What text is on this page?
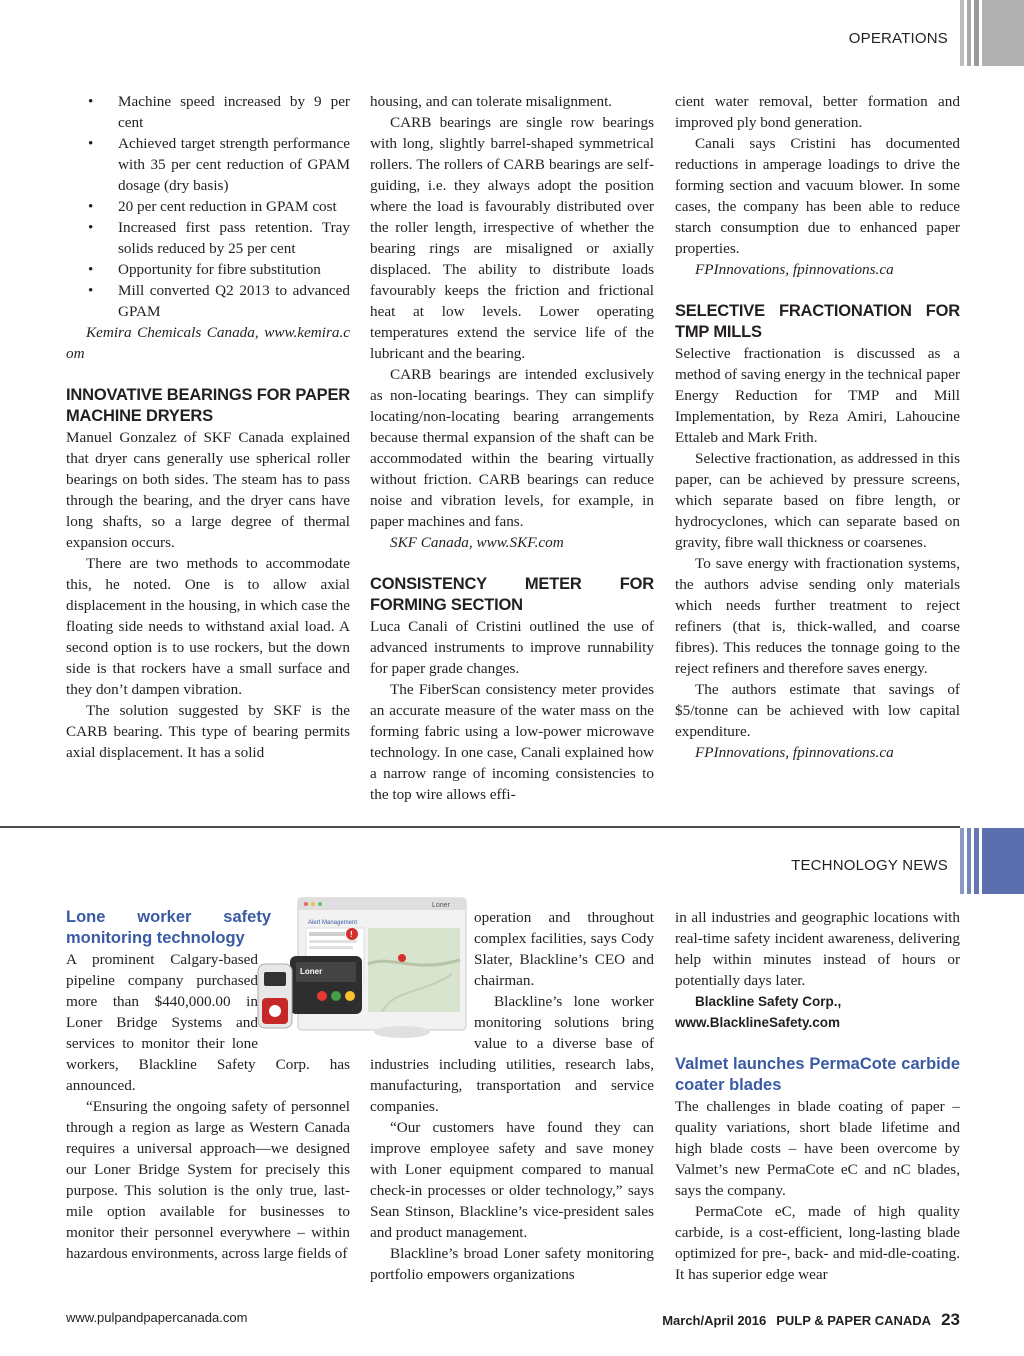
OPERATIONS
• Machine speed increased by 9 per cent
• Achieved target strength performance with 35 per cent reduction of GPAM dosage (dry basis)
• 20 per cent reduction in GPAM cost
• Increased first pass retention. Tray solids reduced by 25 per cent
• Opportunity for fibre substitution
• Mill converted Q2 2013 to advanced GPAM

Kemira Chemicals Canada, www.kemira.com

INNOVATIVE BEARINGS FOR PAPER MACHINE DRYERS

Manuel Gonzalez of SKF Canada explained that dryer cans generally use spherical roller bearings on both sides. The steam has to pass through the bearing, and the dryer cans have long shafts, so a large degree of thermal expansion occurs.

There are two methods to accommodate this, he noted. One is to allow axial displacement in the housing, in which case the floating side needs to withstand axial load. A second option is to use rockers, but the down side is that rockers have a small surface and they don’t dampen vibration.

The solution suggested by SKF is the CARB bearing. This type of bearing permits axial displacement. It has a solid

housing, and can tolerate misalignment.

CARB bearings are single row bearings with long, slightly barrel-shaped symmetrical rollers. The rollers of CARB bearings are self-guiding, i.e. they always adopt the position where the load is favourably distributed over the roller length, irrespective of whether the bearing rings are misaligned or axially displaced. The ability to distribute loads favourably keeps the friction and frictional heat at low levels. Lower operating temperatures extend the service life of the lubricant and the bearing.

CARB bearings are intended exclusively as non-locating bearings. They can simplify locating/non-locating bearing arrangements because thermal expansion of the shaft can be accommodated within the bearing virtually without friction. CARB bearings can reduce noise and vibration levels, for example, in paper machines and fans.

SKF Canada, www.SKF.com

CONSISTENCY METER FOR FORMING SECTION

Luca Canali of Cristini outlined the use of advanced instruments to improve runnability for paper grade changes.

The FiberScan consistency meter provides an accurate measure of the water mass on the forming fabric using a low-power microwave technology. In one case, Canali explained how a narrow range of incoming consistencies to the top wire allows effi-

cient water removal, better formation and improved ply bond generation.

Canali says Cristini has documented reductions in amperage loadings to drive the forming section and vacuum blower. In some cases, the company has been able to reduce starch consumption due to enhanced paper properties.

FPInnovations, fpinnovations.ca

SELECTIVE FRACTIONATION FOR TMP MILLS

Selective fractionation is discussed as a method of saving energy in the technical paper Energy Reduction for TMP and Mill Implementation, by Reza Amiri, Lahoucine Ettaleb and Mark Frith.

Selective fractionation, as addressed in this paper, can be achieved by pressure screens, which separate based on fibre length, or hydrocyclones, which can separate based on gravity, fibre wall thickness or coarsenes.

To save energy with fractionation systems, the authors advise sending only materials which needs further treatment to reject refiners (that is, thick-walled, and coarse fibres). This reduces the tonnage going to the reject refiners and therefore saves energy.

The authors estimate that savings of $5/tonne can be achieved with low capital expenditure.

FPInnovations, fpinnovations.ca

TECHNOLOGY NEWS
Loner
Alert Management
!
Loner
Lone worker safety monitoring technology

A prominent Calgary-based pipeline company purchased more than $440,000.00 in Loner Bridge Systems and services to monitor their lone workers, Blackline Safety Corp. has announced.

“Ensuring the ongoing safety of personnel through a region as large as Western Canada requires a universal approach—we designed our Loner Bridge System for precisely this purpose. This solution is the only true, last-mile option available for businesses to monitor their personnel everywhere – within hazardous environments, across large fields of

operation and throughout complex facilities, says Cody Slater, Blackline’s CEO and chairman.

Blackline’s lone worker monitoring solutions bring value to a diverse base of industries including utilities, research labs, manufacturing, transportation and service companies.

“Our customers have found they can improve employee safety and save money with Loner equipment compared to manual check-in processes or older technology,” says Sean Stinson, Blackline’s vice-president sales and product management.

Blackline’s broad Loner safety monitoring portfolio empowers organizations

in all industries and geographic locations with real-time safety incident awareness, delivering help within minutes instead of hours or potentially days later.

Blackline Safety Corp., www.BlacklineSafety.com

Valmet launches PermaCote carbide coater blades

The challenges in blade coating of paper – quality variations, short blade lifetime and high blade costs – have been overcome by Valmet’s new PermaCote eC and nC blades, says the company.

PermaCote eC, made of high quality carbide, is a cost-efficient, long-lasting blade optimized for pre-, back- and mid-dle-coating. It has superior edge wear

www.pulpandpapercanada.com	March/April 2016 PULP & PAPER CANADA 23
